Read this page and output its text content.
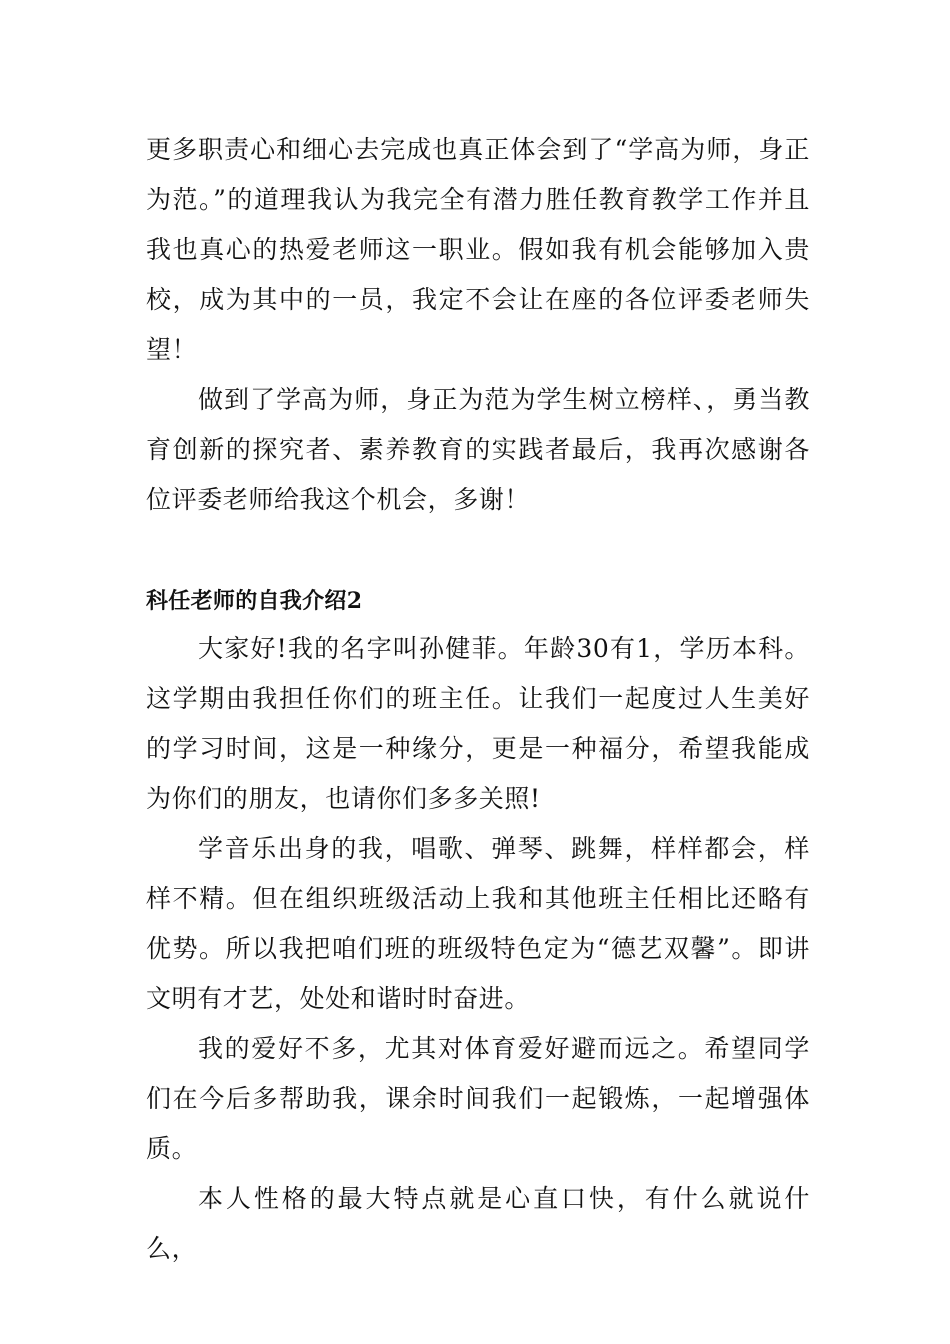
更多职责心和细心去完成也真正体会到了“学高为师，身正为范。”的道理我认为我完全有潜力胜任教育教学工作并且我也真心的热爱老师这一职业。假如我有机会能够加入贵校，成为其中的一员，我定不会让在座的各位评委老师失望！

做到了学高为师，身正为范为学生树立榜样、，勇当教育创新的探究者、素养教育的实践者最后，我再次感谢各位评委老师给我这个机会，多谢！

科任老师的自我介绍2

大家好!我的名字叫孙健菲。年龄30有1，学历本科。这学期由我担任你们的班主任。让我们一起度过人生美好的学习时间，这是一种缘分，更是一种福分，希望我能成为你们的朋友，也请你们多多关照!

学音乐出身的我，唱歌、弹琴、跳舞，样样都会，样样不精。但在组织班级活动上我和其他班主任相比还略有优势。所以我把咱们班的班级特色定为“德艺双馨”。即讲文明有才艺，处处和谐时时奋进。

我的爱好不多，尤其对体育爱好避而远之。希望同学们在今后多帮助我，课余时间我们一起锻炼，一起增强体质。

本人性格的最大特点就是心直口快，有什么就说什么，
